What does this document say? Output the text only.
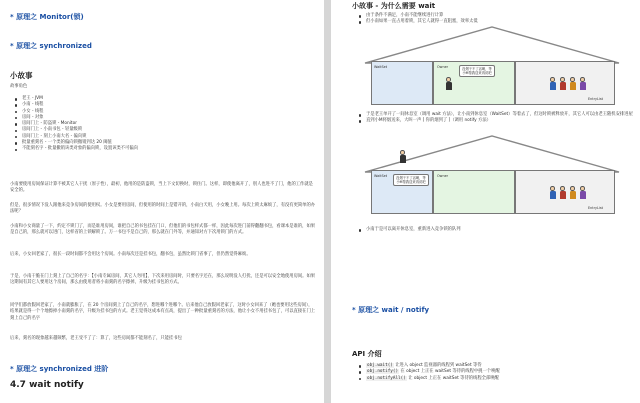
* 原理之 Monitor(锁)
* 原理之 synchronized
小故事
故事角色
老王 - JVM
小南 - 线程
小女 - 线程
房间 - 对象
房间门上 - 防盗锁 - Monitor
房间门上 - 小南书包 - 轻量级锁
房间门上 - 刻上小南大名 - 偏向锁
批量重刻名 - 一个类的偏向锁撤销到达 20 阈值
不能刻名字 - 批量撤销该类对象的偏向锁，设置该类不可偏向
小南要使用房间保证计算不被其它人干扰（原子性），最初，他用的是防盗锁，当上下文切换时，锁住门。这样，即使他离开了，别人也进不了门，他的工作就是安全的。
但是，很多情况下没人跟他来竞争房间的使用权。小女是要用房间，但使用的时间上是错开的，小南白天用，小女晚上用。每次上锁太麻烦了，有没有更简单的办法呢？
小南和小女商量了一下，约定不锁门了，而是谁用房间，谁把自己的书包挂在门口，但他们的书包样式都一样，因此每次进门前得翻翻书包，看课本是谁的，如果是自己的，那么就可以进门，这样省的上锁解锁了。万一书包不是自己的，那么就在门外等，并通知对方下次用锁门的方式。
后来，小女回老家了，很长一段时间都不会用这个房间。小南每次还是挂书包，翻书包，虽然比锁门省事了，但仍然觉得麻烦。
于是，小南干脆在门上刻上了自己的名字：【小南专属房间，其它人勿用】，下次来用房间时，只要名字还在，那么说明没人打扰，还是可以安全地使用房间。如果这期间有其它人要用这个房间，那么由使用者将小南刻的名字擦掉，升级为挂书包的方式。
同学们都放假回老家了，小南就膨胀了，在 20 个房间刻上了自己的名字，想进哪个进哪个。后来他自己放假回老家了，这时小女回来了（她也要用这些房间），结果就是得一个个地擦掉小南刻的名字，升级为挂书包的方式。老王觉得这成本有点高，提出了一种批量重刻名的方法，他让小女不用挂书包了，可以直接在门上刻上自己的名字
后来，刻名的现象越来越频繁，老王受不了了：算了，这些房间都不能刻名了，只能挂书包
* 原理之 synchronized 进阶
4.7 wait notify
小故事 - 为什么需要 wait
由于条件不满足，小南不能继续进行计算
但小南如果一直占用着锁，其它人就得一直阻塞，效率太低
WaitSet	Owner
EntryList
没烟干不了活啊，等小M帮我送来再说吧
于是老王单开了一间休息室（调用 wait 方法），让小南到休息室（WaitSet）等着去了，但这时锁被释放开，其它人可以由老王随机安排进屋
直到小M将烟送来，大叫一声 [ 你的烟到了 ]（调用 notify 方法）
WaitSet	Owner
EntryList
没烟干不了活啊，等小M帮我送来再说吧
小南于是可以离开休息室，重新进入竞争锁的队列
* 原理之 wait / notify
API 介绍
obj.wait() 让进入 object 监视器的线程到 waitSet 等待
obj.notify() 在 object 上正在 waitSet 等待的线程中挑一个唤醒
obj.notifyAll() 让 object 上正在 waitSet 等待的线程全部唤醒
